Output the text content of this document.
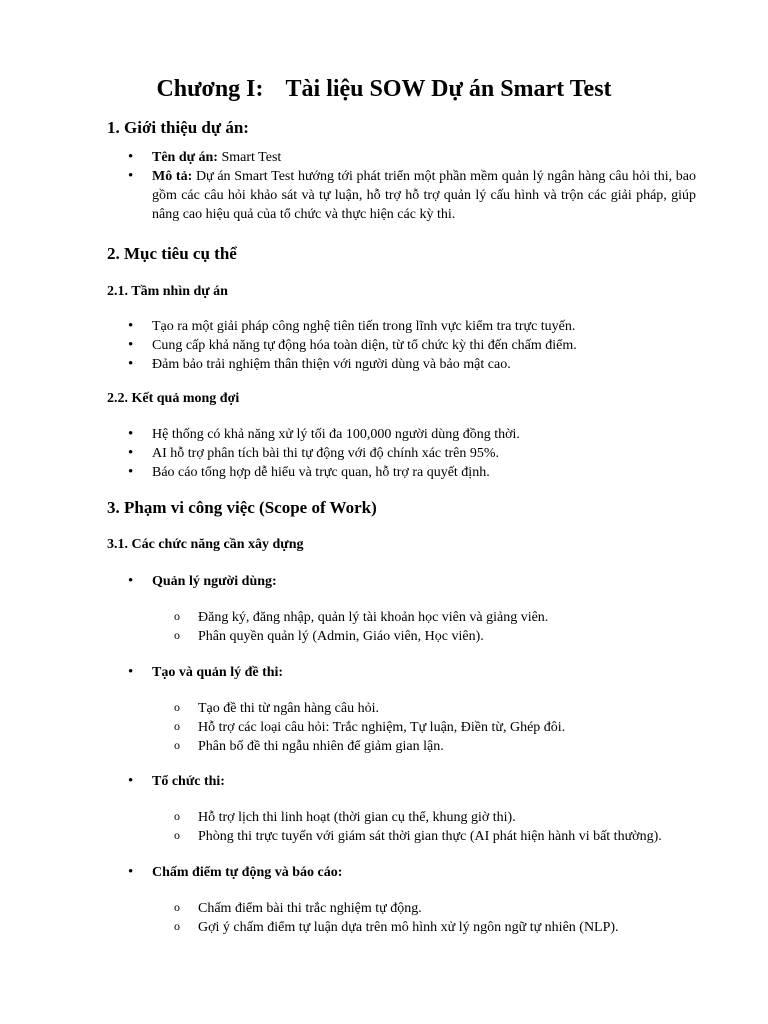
Chương I: Tài liệu SOW Dự án Smart Test
1. Giới thiệu dự án:
• Tên dự án: Smart Test
• Mô tả: Dự án Smart Test hướng tới phát triển một phần mềm quản lý ngân hàng câu hỏi thi, bao gồm các câu hỏi khảo sát và tự luận, hỗ trợ hỗ trợ quản lý cấu hình và trộn các giải pháp, giúp nâng cao hiệu quả của tổ chức và thực hiện các kỳ thi.
2. Mục tiêu cụ thể
2.1. Tầm nhìn dự án
• Tạo ra một giải pháp công nghệ tiên tiến trong lĩnh vực kiểm tra trực tuyến.
• Cung cấp khả năng tự động hóa toàn diện, từ tổ chức kỳ thi đến chấm điểm.
• Đảm bảo trải nghiệm thân thiện với người dùng và bảo mật cao.
2.2. Kết quả mong đợi
• Hệ thống có khả năng xử lý tối đa 100,000 người dùng đồng thời.
• AI hỗ trợ phân tích bài thi tự động với độ chính xác trên 95%.
• Báo cáo tổng hợp dễ hiểu và trực quan, hỗ trợ ra quyết định.
3. Phạm vi công việc (Scope of Work)
3.1. Các chức năng cần xây dựng
• Quản lý người dùng:
o Đăng ký, đăng nhập, quản lý tài khoản học viên và giảng viên.
o Phân quyền quản lý (Admin, Giáo viên, Học viên).
• Tạo và quản lý đề thi:
o Tạo đề thi từ ngân hàng câu hỏi.
o Hỗ trợ các loại câu hỏi: Trắc nghiệm, Tự luận, Điền từ, Ghép đôi.
o Phân bố đề thi ngẫu nhiên để giảm gian lận.
• Tổ chức thi:
o Hỗ trợ lịch thi linh hoạt (thời gian cụ thể, khung giờ thi).
o Phòng thi trực tuyến với giám sát thời gian thực (AI phát hiện hành vi bất thường).
• Chấm điểm tự động và báo cáo:
o Chấm điểm bài thi trắc nghiệm tự động.
o Gợi ý chấm điểm tự luận dựa trên mô hình xử lý ngôn ngữ tự nhiên (NLP).
